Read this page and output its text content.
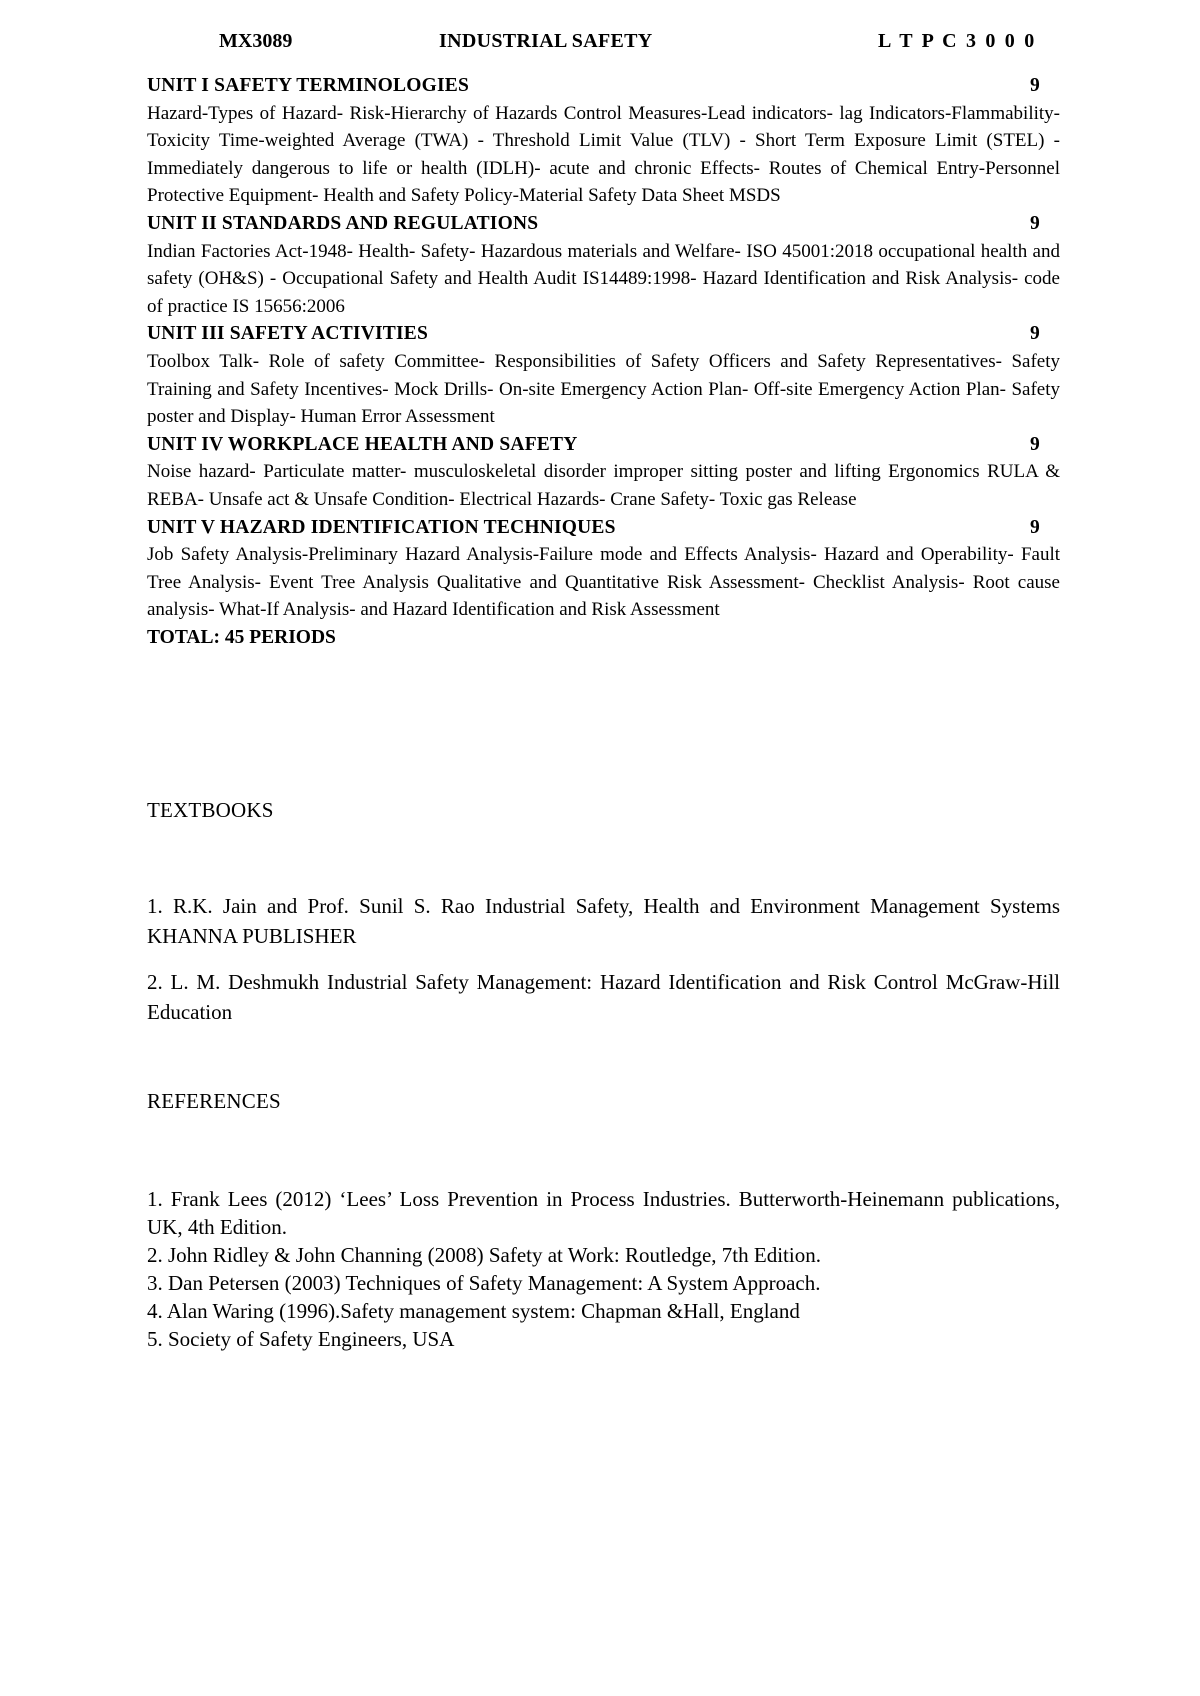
MX3089	INDUSTRIAL SAFETY	L T P C 3 0 0 0
UNIT I SAFETY TERMINOLOGIES	9

Hazard-Types of Hazard- Risk-Hierarchy of Hazards Control Measures-Lead indicators- lag Indicators-Flammability- Toxicity Time-weighted Average (TWA) - Threshold Limit Value (TLV) - Short Term Exposure Limit (STEL) - Immediately dangerous to life or health (IDLH)- acute and chronic Effects- Routes of Chemical Entry-Personnel Protective Equipment- Health and Safety Policy-Material Safety Data Sheet MSDS

UNIT II STANDARDS AND REGULATIONS	9

Indian Factories Act-1948- Health- Safety- Hazardous materials and Welfare- ISO 45001:2018 occupational health and safety (OH&S) - Occupational Safety and Health Audit IS14489:1998- Hazard Identification and Risk Analysis- code of practice IS 15656:2006

UNIT III SAFETY ACTIVITIES	9

Toolbox Talk- Role of safety Committee- Responsibilities of Safety Officers and Safety Representatives- Safety Training and Safety Incentives- Mock Drills- On-site Emergency Action Plan- Off-site Emergency Action Plan- Safety poster and Display- Human Error Assessment

UNIT IV WORKPLACE HEALTH AND SAFETY	9

Noise hazard- Particulate matter- musculoskeletal disorder improper sitting poster and lifting Ergonomics RULA & REBA- Unsafe act & Unsafe Condition- Electrical Hazards- Crane Safety- Toxic gas Release

UNIT V HAZARD IDENTIFICATION TECHNIQUES	9

Job Safety Analysis-Preliminary Hazard Analysis-Failure mode and Effects Analysis- Hazard and Operability- Fault Tree Analysis- Event Tree Analysis Qualitative and Quantitative Risk Assessment- Checklist Analysis- Root cause analysis- What-If Analysis- and Hazard Identification and Risk Assessment

TOTAL: 45 PERIODS
TEXTBOOKS
1. R.K. Jain and Prof. Sunil S. Rao Industrial Safety, Health and Environment Management Systems KHANNA PUBLISHER
2. L. M. Deshmukh Industrial Safety Management: Hazard Identification and Risk Control McGraw-Hill Education
REFERENCES
1. Frank Lees (2012) ‘Lees’ Loss Prevention in Process Industries. Butterworth-Heinemann publications, UK, 4th Edition.
2. John Ridley & John Channing (2008) Safety at Work: Routledge, 7th Edition.
3. Dan Petersen (2003) Techniques of Safety Management: A System Approach.
4. Alan Waring (1996).Safety management system: Chapman &Hall, England
5. Society of Safety Engineers, USA
